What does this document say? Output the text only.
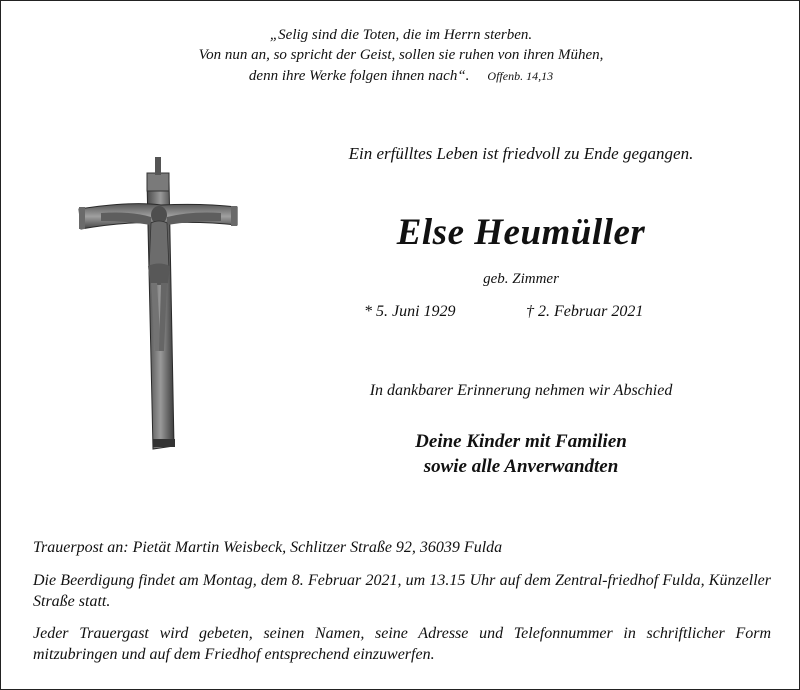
„Selig sind die Toten, die im Herrn sterben.
Von nun an, so spricht der Geist, sollen sie ruhen von ihren Mühen,
denn ihre Werke folgen ihnen nach“. Offenb. 14,13
Ein erfülltes Leben ist friedvoll zu Ende gegangen.
Else Heumüller
geb. Zimmer
* 5. Juni 1929	† 2. Februar 2021
In dankbarer Erinnerung nehmen wir Abschied
Deine Kinder mit Familien
sowie alle Anverwandten
Trauerpost an: Pietät Martin Weisbeck, Schlitzer Straße 92, 36039 Fulda
Die Beerdigung findet am Montag, dem 8. Februar 2021, um 13.15 Uhr auf dem Zentral-friedhof Fulda, Künzeller Straße statt.
Jeder Trauergast wird gebeten, seinen Namen, seine Adresse und Telefonnummer in schriftlicher Form mitzubringen und auf dem Friedhof entsprechend einzuwerfen.
